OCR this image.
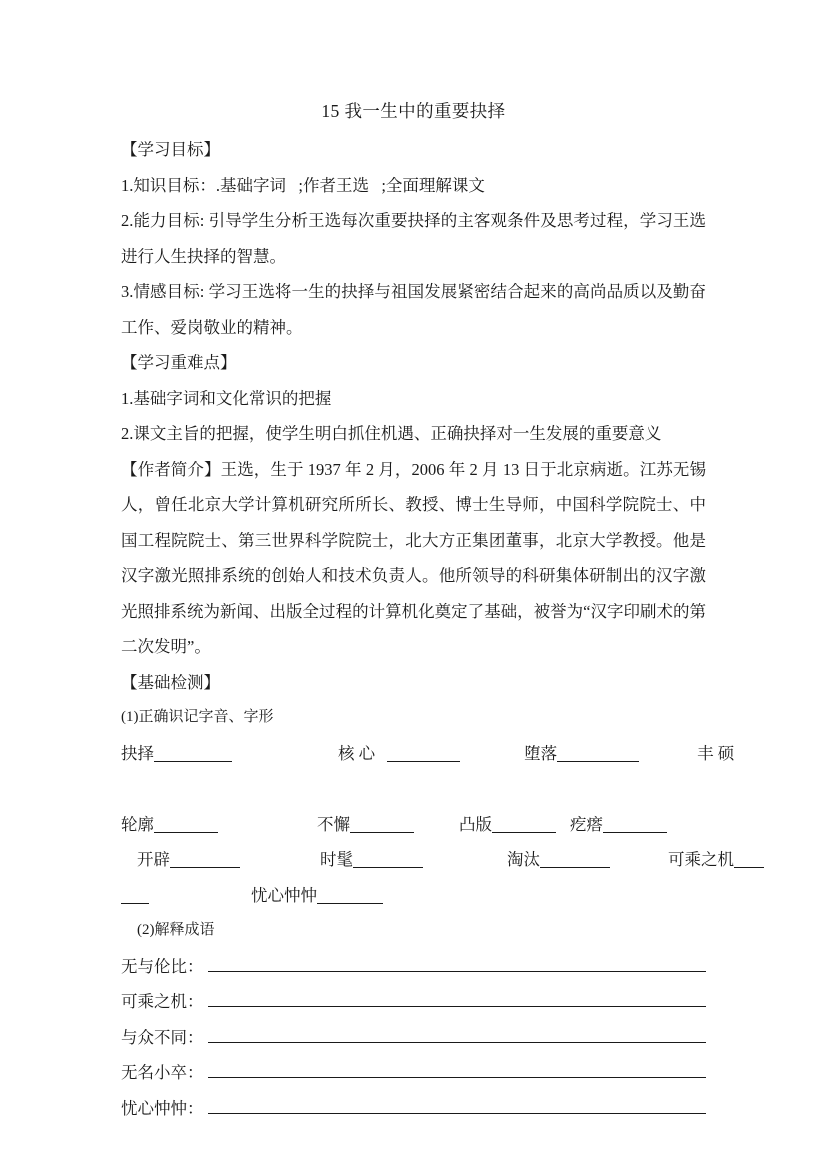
15 我一生中的重要抉择
【学习目标】
1.知识目标：.基础字词   ;作者王选   ;全面理解课文
2.能力目标: 引导学生分析王选每次重要抉择的主客观条件及思考过程，学习王选进行人生抉择的智慧。
3.情感目标: 学习王选将一生的抉择与祖国发展紧密结合起来的高尚品质以及勤奋工作、爱岗敬业的精神。
【学习重难点】
1.基础字词和文化常识的把握
2.课文主旨的把握，使学生明白抓住机遇、正确抉择对一生发展的重要意义
【作者简介】王选，生于 1937 年 2 月，2006 年 2 月 13 日于北京病逝。江苏无锡人，曾任北京大学计算机研究所所长、教授、博士生导师，中国科学院院士、中国工程院院士、第三世界科学院院士，北大方正集团董事，北京大学教授。他是汉字激光照排系统的创始人和技术负责人。他所领导的科研集体研制出的汉字激光照排系统为新闻、出版全过程的计算机化奠定了基础，被誉为“汉字印刷术的第二次发明”。
【基础检测】
(1)正确识记字音、字形
抉择	核 心	堕落	丰 硕
轮廓	不懈	凸版	疙瘩
开辟	时髦	淘汰	可乘之机
忧心忡忡
(2)解释成语
无与伦比：
可乘之机：
与众不同：
无名小卒：
忧心忡忡：
